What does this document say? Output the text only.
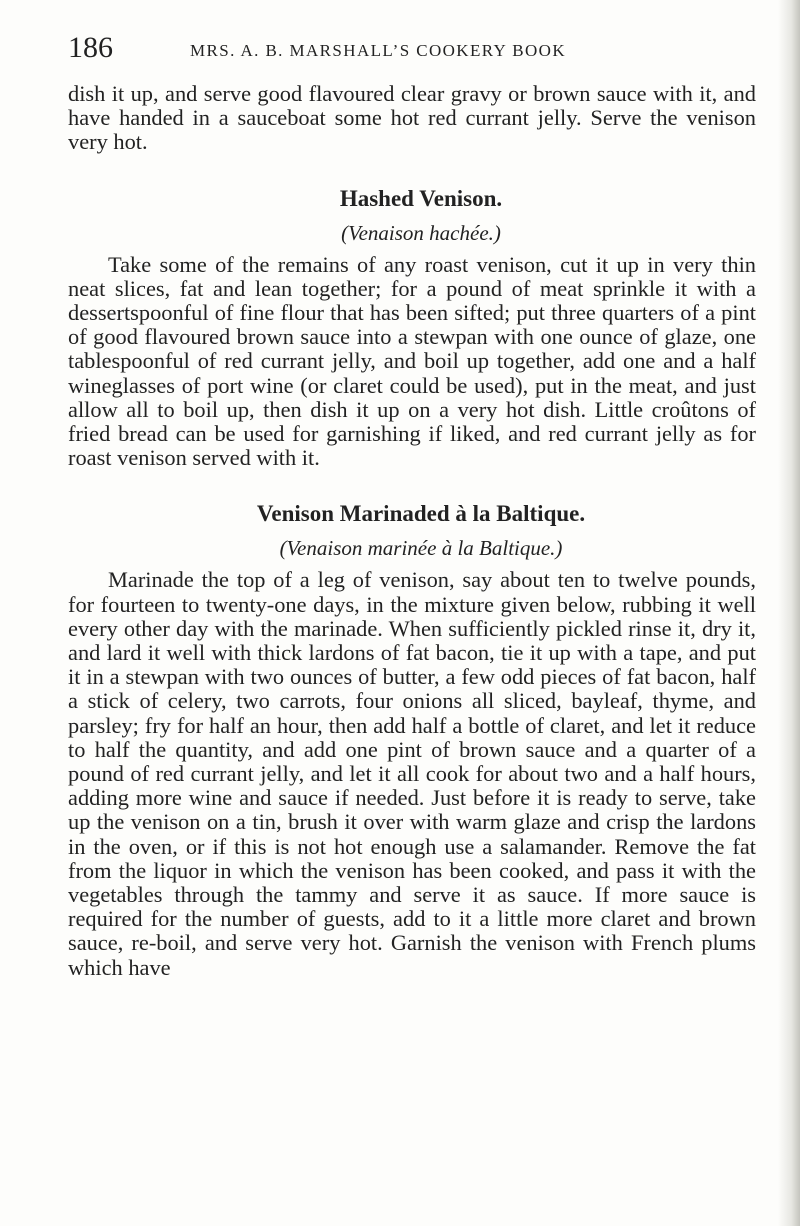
186	MRS. A. B. MARSHALL’S COOKERY BOOK

dish it up, and serve good flavoured clear gravy or brown sauce with it, and have handed in a sauceboat some hot red currant jelly. Serve the venison very hot.

Hashed Venison.
(Venaison hachée.)

Take some of the remains of any roast venison, cut it up in very thin neat slices, fat and lean together; for a pound of meat sprinkle it with a dessertspoonful of fine flour that has been sifted; put three quarters of a pint of good flavoured brown sauce into a stewpan with one ounce of glaze, one tablespoonful of red currant jelly, and boil up together, add one and a half wineglasses of port wine (or claret could be used), put in the meat, and just allow all to boil up, then dish it up on a very hot dish. Little croûtons of fried bread can be used for garnishing if liked, and red currant jelly as for roast venison served with it.

Venison Marinaded à la Baltique.
(Venaison marinée à la Baltique.)

Marinade the top of a leg of venison, say about ten to twelve pounds, for fourteen to twenty-one days, in the mixture given below, rubbing it well every other day with the marinade. When sufficiently pickled rinse it, dry it, and lard it well with thick lardons of fat bacon, tie it up with a tape, and put it in a stewpan with two ounces of butter, a few odd pieces of fat bacon, half a stick of celery, two carrots, four onions all sliced, bayleaf, thyme, and parsley; fry for half an hour, then add half a bottle of claret, and let it reduce to half the quantity, and add one pint of brown sauce and a quarter of a pound of red currant jelly, and let it all cook for about two and a half hours, adding more wine and sauce if needed. Just before it is ready to serve, take up the venison on a tin, brush it over with warm glaze and crisp the lardons in the oven, or if this is not hot enough use a salamander. Remove the fat from the liquor in which the venison has been cooked, and pass it with the vegetables through the tammy and serve it as sauce. If more sauce is required for the number of guests, add to it a little more claret and brown sauce, re-boil, and serve very hot. Garnish the venison with French plums which have
